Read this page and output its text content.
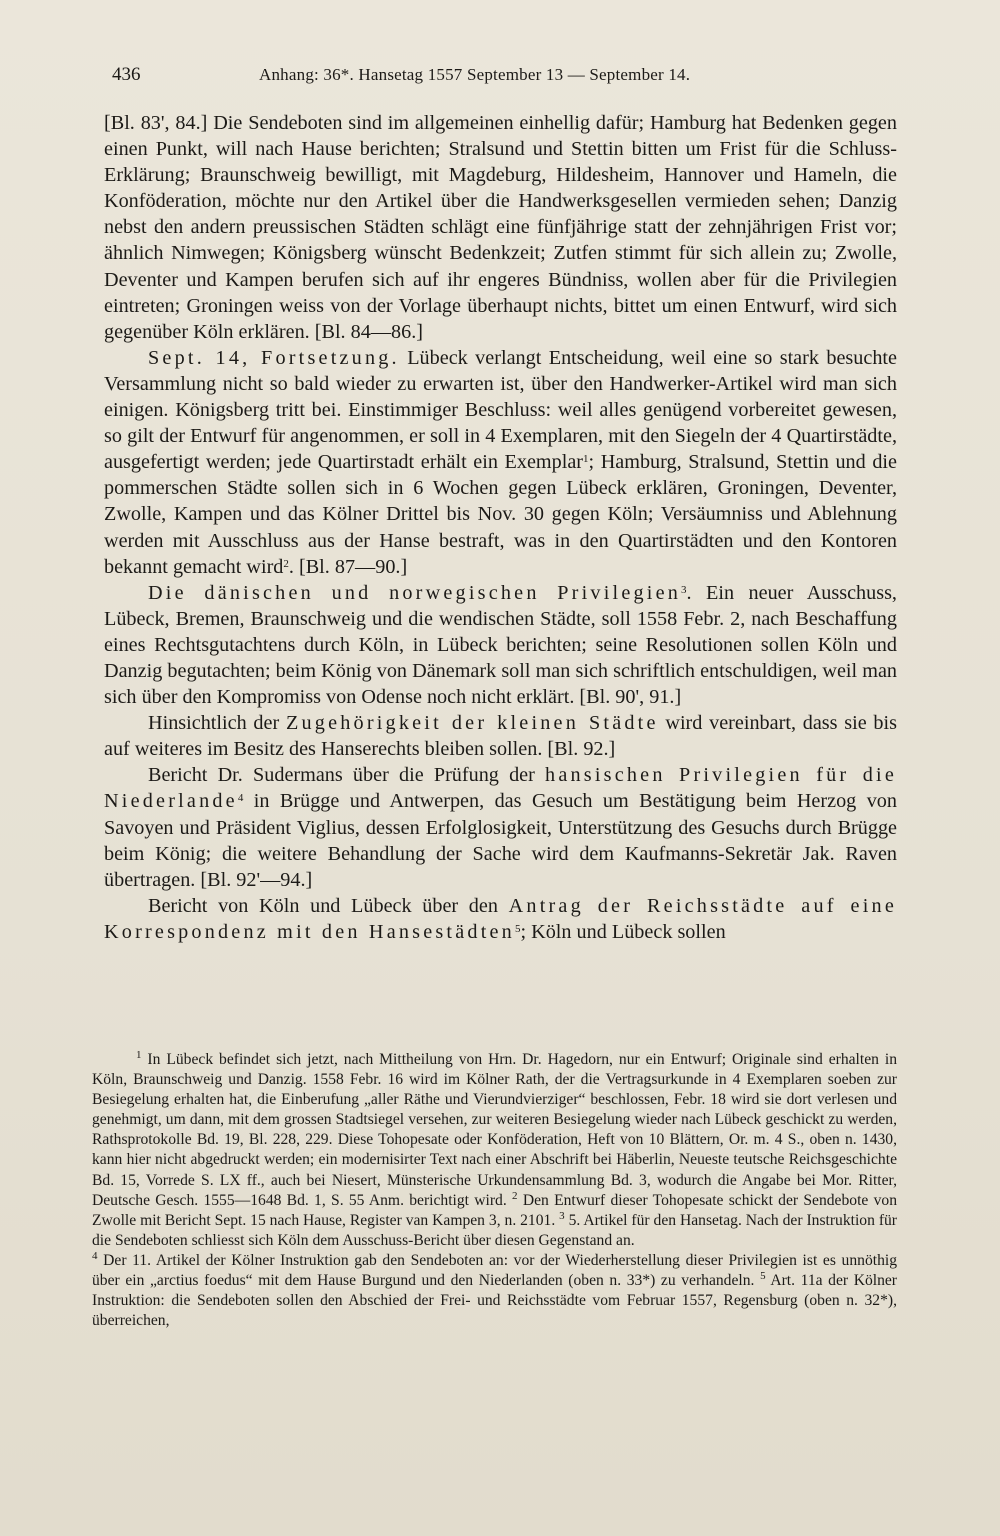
436	Anhang: 36*. Hansetag 1557 September 13 — September 14.

[Bl. 83', 84.] Die Sendeboten sind im allgemeinen einhellig dafür; Hamburg hat Bedenken gegen einen Punkt, will nach Hause berichten; Stralsund und Stettin bitten um Frist für die Schluss-Erklärung; Braunschweig bewilligt, mit Magdeburg, Hildesheim, Hannover und Hameln, die Konföderation, möchte nur den Artikel über die Handwerksgesellen vermieden sehen; Danzig nebst den andern preussischen Städten schlägt eine fünfjährige statt der zehnjährigen Frist vor; ähnlich Nimwegen; Königsberg wünscht Bedenkzeit; Zutfen stimmt für sich allein zu; Zwolle, Deventer und Kampen berufen sich auf ihr engeres Bündniss, wollen aber für die Privilegien eintreten; Groningen weiss von der Vorlage überhaupt nichts, bittet um einen Entwurf, wird sich gegenüber Köln erklären. [Bl. 84—86.]

Sept. 14, Fortsetzung. Lübeck verlangt Entscheidung, weil eine so stark besuchte Versammlung nicht so bald wieder zu erwarten ist, über den Handwerker-Artikel wird man sich einigen. Königsberg tritt bei. Einstimmiger Beschluss: weil alles genügend vorbereitet gewesen, so gilt der Entwurf für angenommen, er soll in 4 Exemplaren, mit den Siegeln der 4 Quartirstädte, ausgefertigt werden; jede Quartirstadt erhält ein Exemplar$^1$; Hamburg, Stralsund, Stettin und die pommerschen Städte sollen sich in 6 Wochen gegen Lübeck erklären, Groningen, Deventer, Zwolle, Kampen und das Kölner Drittel bis Nov. 30 gegen Köln; Versäumniss und Ablehnung werden mit Ausschluss aus der Hanse bestraft, was in den Quartirstädten und den Kontoren bekannt gemacht wird$^2$. [Bl. 87—90.]

Die dänischen und norwegischen Privilegien$^3$. Ein neuer Ausschuss, Lübeck, Bremen, Braunschweig und die wendischen Städte, soll 1558 Febr. 2, nach Beschaffung eines Rechtsgutachtens durch Köln, in Lübeck berichten; seine Resolutionen sollen Köln und Danzig begutachten; beim König von Dänemark soll man sich schriftlich entschuldigen, weil man sich über den Kompromiss von Odense noch nicht erklärt. [Bl. 90', 91.]

Hinsichtlich der Zugehörigkeit der kleinen Städte wird vereinbart, dass sie bis auf weiteres im Besitz des Hanserechts bleiben sollen. [Bl. 92.]

Bericht Dr. Sudermans über die Prüfung der hansischen Privilegien für die Niederlande$^4$ in Brügge und Antwerpen, das Gesuch um Bestätigung beim Herzog von Savoyen und Präsident Viglius, dessen Erfolglosigkeit, Unterstützung des Gesuchs durch Brügge beim König; die weitere Behandlung der Sache wird dem Kaufmanns-Sekretär Jak. Raven übertragen. [Bl. 92'—94.]

Bericht von Köln und Lübeck über den Antrag der Reichsstädte auf eine Korrespondenz mit den Hansestädten$^5$; Köln und Lübeck sollen

$^1$ In Lübeck befindet sich jetzt, nach Mittheilung von Hrn. Dr. Hagedorn, nur ein Entwurf; Originale sind erhalten in Köln, Braunschweig und Danzig. 1558 Febr. 16 wird im Kölner Rath, der die Vertragsurkunde in 4 Exemplaren soeben zur Besiegelung erhalten hat, die Einberufung „aller Räthe und Vierundvierziger“ beschlossen, Febr. 18 wird sie dort verlesen und genehmigt, um dann, mit dem grossen Stadtsiegel versehen, zur weiteren Besiegelung wieder nach Lübeck geschickt zu werden, Rathsprotokolle Bd. 19, Bl. 228, 229. Diese Tohopesate oder Konföderation, Heft von 10 Blättern, Or. m. 4 S., oben n. 1430, kann hier nicht abgedruckt werden; ein modernisirter Text nach einer Abschrift bei Häberlin, Neueste teutsche Reichsgeschichte Bd. 15, Vorrede S. LX ff., auch bei Niesert, Münsterische Urkundensammlung Bd. 3, wodurch die Angabe bei Mor. Ritter, Deutsche Gesch. 1555—1648 Bd. 1, S. 55 Anm. berichtigt wird. $^2$ Den Entwurf dieser Tohopesate schickt der Sendebote von Zwolle mit Bericht Sept. 15 nach Hause, Register van Kampen 3, n. 2101. $^3$ 5. Artikel für den Hansetag. Nach der Instruktion für die Sendeboten schliesst sich Köln dem Ausschuss-Bericht über diesen Gegenstand an.

$^4$ Der 11. Artikel der Kölner Instruktion gab den Sendeboten an: vor der Wiederherstellung dieser Privilegien ist es unnöthig über ein „arctius foedus“ mit dem Hause Burgund und den Niederlanden (oben n. 33*) zu verhandeln. $^5$ Art. 11a der Kölner Instruktion: die Sendeboten sollen den Abschied der Frei- und Reichsstädte vom Februar 1557, Regensburg (oben n. 32*), überreichen,
